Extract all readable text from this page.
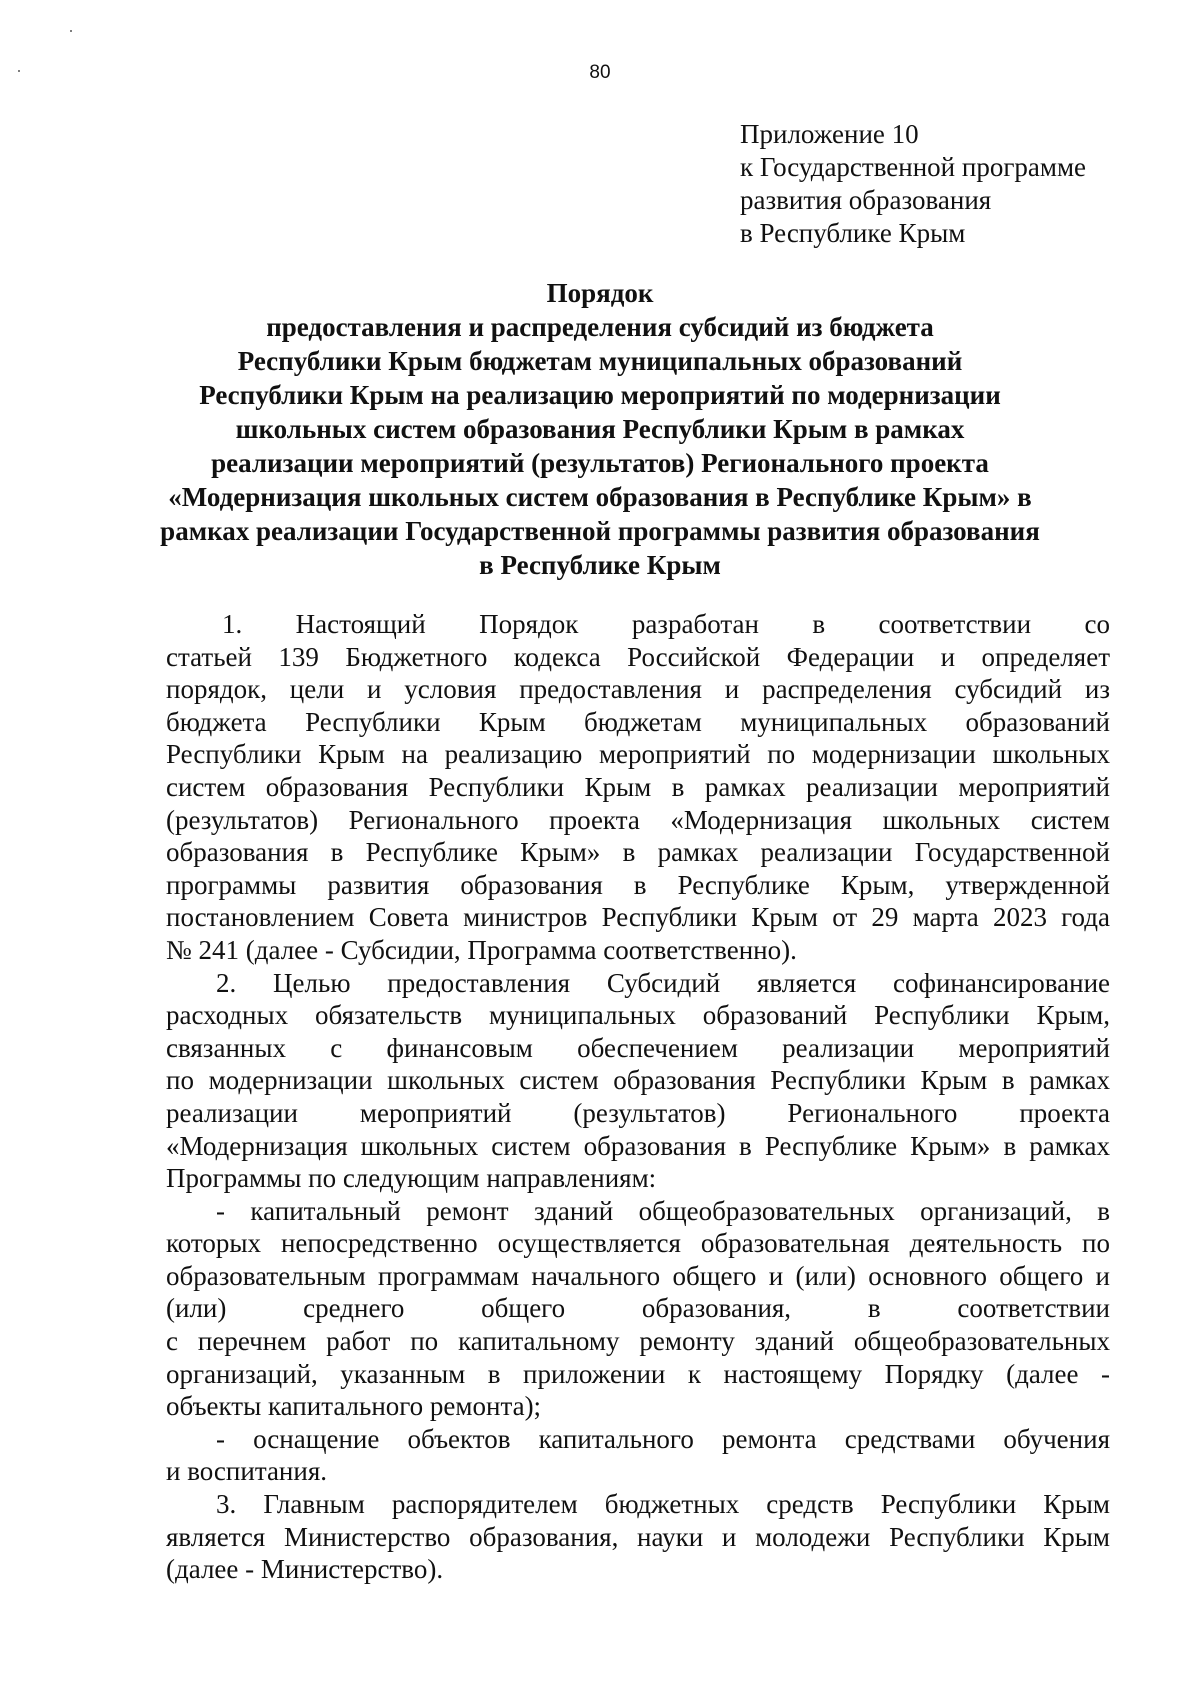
80
Приложение 10
к Государственной программе
развития образования
в Республике Крым
Порядок
предоставления и распределения субсидий из бюджета
Республики Крым бюджетам муниципальных образований
Республики Крым на реализацию мероприятий по модернизации
школьных систем образования Республики Крым в рамках
реализации мероприятий (результатов) Регионального проекта
«Модернизация школьных систем образования в Республике Крым» в
рамках реализации Государственной программы развития образования
в Республике Крым
1. Настоящий Порядок разработан в соответствии со
статьей 139 Бюджетного кодекса Российской Федерации и определяет
порядок, цели и условия предоставления и распределения субсидий из
бюджета Республики Крым бюджетам муниципальных образований
Республики Крым на реализацию мероприятий по модернизации школьных
систем образования Республики Крым в рамках реализации мероприятий
(результатов) Регионального проекта «Модернизация школьных систем
образования в Республике Крым» в рамках реализации Государственной
программы развития образования в Республике Крым, утвержденной
постановлением Совета министров Республики Крым от 29 марта 2023 года
№ 241 (далее - Субсидии, Программа соответственно).
2. Целью предоставления Субсидий является софинансирование
расходных обязательств муниципальных образований Республики Крым,
связанных с финансовым обеспечением реализации мероприятий
по модернизации школьных систем образования Республики Крым в рамках
реализации мероприятий (результатов) Регионального проекта
«Модернизация школьных систем образования в Республике Крым» в рамках
Программы по следующим направлениям:
- капитальный ремонт зданий общеобразовательных организаций, в
которых непосредственно осуществляется образовательная деятельность по
образовательным программам начального общего и (или) основного общего и
(или) среднего общего образования, в соответствии
с перечнем работ по капитальному ремонту зданий общеобразовательных
организаций, указанным в приложении к настоящему Порядку (далее -
объекты капитального ремонта);
- оснащение объектов капитального ремонта средствами обучения
и воспитания.
3. Главным распорядителем бюджетных средств Республики Крым
является Министерство образования, науки и молодежи Республики Крым
(далее - Министерство).
